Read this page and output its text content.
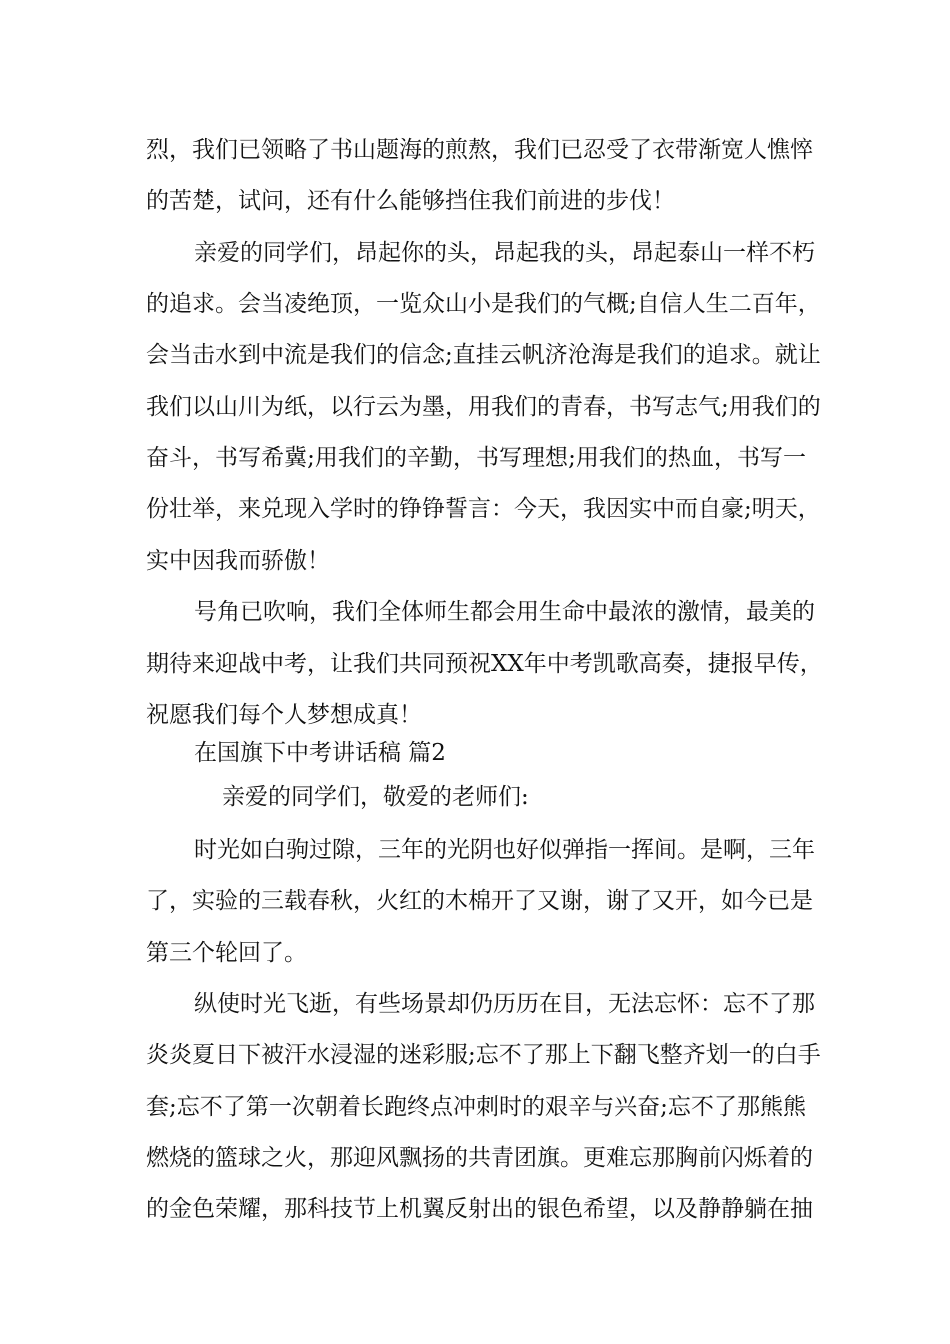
烈，我们已领略了书山题海的煎熬，我们已忍受了衣带渐宽人憔悴
的苦楚，试问，还有什么能够挡住我们前进的步伐！
亲爱的同学们，昂起你的头，昂起我的头，昂起泰山一样不朽
的追求。会当凌绝顶，一览众山小是我们的气概;自信人生二百年，
会当击水到中流是我们的信念;直挂云帆济沧海是我们的追求。就让
我们以山川为纸，以行云为墨，用我们的青春，书写志气;用我们的
奋斗，书写希冀;用我们的辛勤，书写理想;用我们的热血，书写一
份壮举，来兑现入学时的铮铮誓言：今天，我因实中而自豪;明天，
实中因我而骄傲！
号角已吹响，我们全体师生都会用生命中最浓的激情，最美的
期待来迎战中考，让我们共同预祝XX年中考凯歌高奏，捷报早传，
祝愿我们每个人梦想成真！
在国旗下中考讲话稿 篇2
亲爱的同学们，敬爱的老师们:
时光如白驹过隙，三年的光阴也好似弹指一挥间。是啊，三年
了，实验的三载春秋，火红的木棉开了又谢，谢了又开，如今已是
第三个轮回了。
纵使时光飞逝，有些场景却仍历历在目，无法忘怀：忘不了那
炎炎夏日下被汗水浸湿的迷彩服;忘不了那上下翻飞整齐划一的白手
套;忘不了第一次朝着长跑终点冲刺时的艰辛与兴奋;忘不了那熊熊
燃烧的篮球之火，那迎风飘扬的共青团旗。更难忘那胸前闪烁着的
的金色荣耀，那科技节上机翼反射出的银色希望，以及静静躺在抽
